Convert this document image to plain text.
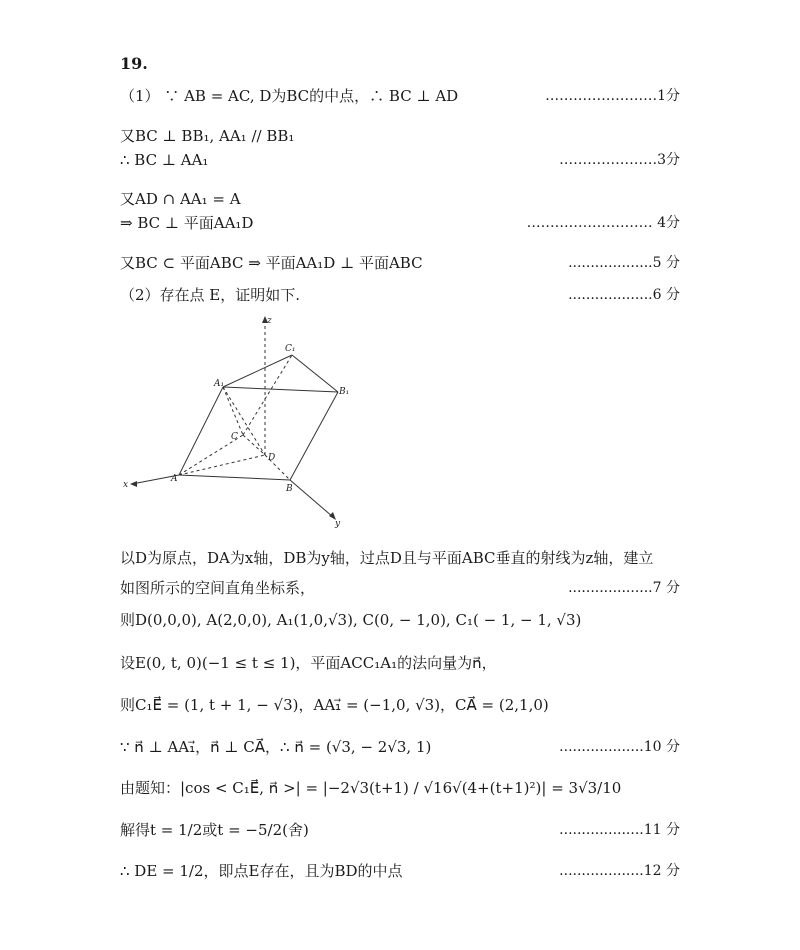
19.
（1） ∵ AB = AC, D为BC的中点，∴ BC ⊥ AD	……………………1分
又BC ⊥ BB₁, AA₁ // BB₁
∴ BC ⊥ AA₁	…………………3分
又AD ∩ AA₁ = A
⇒ BC ⊥ 平面AA₁D	……………………… 4分
又BC ⊂ 平面ABC ⇒ 平面AA₁D ⊥ 平面ABC	...................5 分
（2）存在点 E，证明如下.	...................6 分
z
x
y
C₁
A₁
B₁
C
D
A
B
以D为原点，DA为x轴，DB为y轴，过点D且与平面ABC垂直的射线为z轴，建立
如图所示的空间直角坐标系，	...................7 分
则D(0,0,0), A(2,0,0), A₁(1,0,√3), C(0, − 1,0), C₁( − 1, − 1, √3)
设E(0, t, 0)(−1 ≤ t ≤ 1)，平面ACC₁A₁的法向量为n⃗，
则C₁E⃗ = (1, t + 1, − √3)，AA₁⃗ = (−1,0, √3)，CA⃗ = (2,1,0)
∵ n⃗ ⊥ AA₁⃗，n⃗ ⊥ CA⃗，∴ n⃗ = (√3, − 2√3, 1)	...................10 分
由题知：|cos < C₁E⃗, n⃗ >| = |−2√3(t+1) / √16√(4+(t+1)²)| = 3√3/10
解得t = 1/2或t = −5/2(舍)	...................11 分
∴ DE = 1/2，即点E存在，且为BD的中点	...................12 分
